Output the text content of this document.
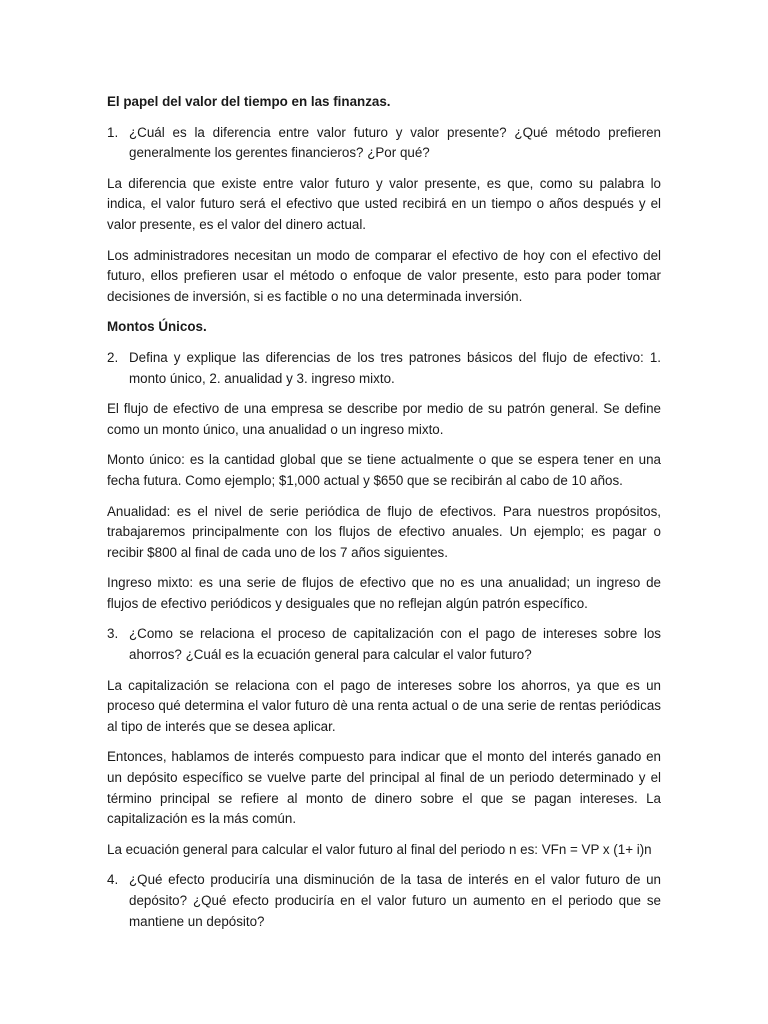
El papel del valor del tiempo en las finanzas.

1. ¿Cuál es la diferencia entre valor futuro y valor presente? ¿Qué método prefieren generalmente los gerentes financieros? ¿Por qué?

La diferencia que existe entre valor futuro y valor presente, es que, como su palabra lo indica, el valor futuro será el efectivo que usted recibirá en un tiempo o años después y el valor presente, es el valor del dinero actual.

Los administradores necesitan un modo de comparar el efectivo de hoy con el efectivo del futuro, ellos prefieren usar el método o enfoque de valor presente, esto para poder tomar decisiones de inversión, si es factible o no una determinada inversión.

Montos Únicos.

2. Defina y explique las diferencias de los tres patrones básicos del flujo de efectivo: 1. monto único, 2. anualidad y 3. ingreso mixto.

El flujo de efectivo de una empresa se describe por medio de su patrón general. Se define como un monto único, una anualidad o un ingreso mixto.

Monto único: es la cantidad global que se tiene actualmente o que se espera tener en una fecha futura. Como ejemplo; $1,000 actual y $650 que se recibirán al cabo de 10 años.

Anualidad: es el nivel de serie periódica de flujo de efectivos. Para nuestros propósitos, trabajaremos principalmente con los flujos de efectivo anuales. Un ejemplo; es pagar o recibir $800 al final de cada uno de los 7 años siguientes.

Ingreso mixto: es una serie de flujos de efectivo que no es una anualidad; un ingreso de flujos de efectivo periódicos y desiguales que no reflejan algún patrón específico.

3. ¿Como se relaciona el proceso de capitalización con el pago de intereses sobre los ahorros? ¿Cuál es la ecuación general para calcular el valor futuro?

La capitalización se relaciona con el pago de intereses sobre los ahorros, ya que es un proceso qué determina el valor futuro dè una renta actual o de una serie de rentas periódicas al tipo de interés que se desea aplicar.

Entonces, hablamos de interés compuesto para indicar que el monto del interés ganado en un depósito específico se vuelve parte del principal al final de un periodo determinado y el término principal se refiere al monto de dinero sobre el que se pagan intereses. La capitalización es la más común.

La ecuación general para calcular el valor futuro al final del periodo n es: VFn = VP x (1+ i)n

4. ¿Qué efecto produciría una disminución de la tasa de interés en el valor futuro de un depósito? ¿Qué efecto produciría en el valor futuro un aumento en el periodo que se mantiene un depósito?
